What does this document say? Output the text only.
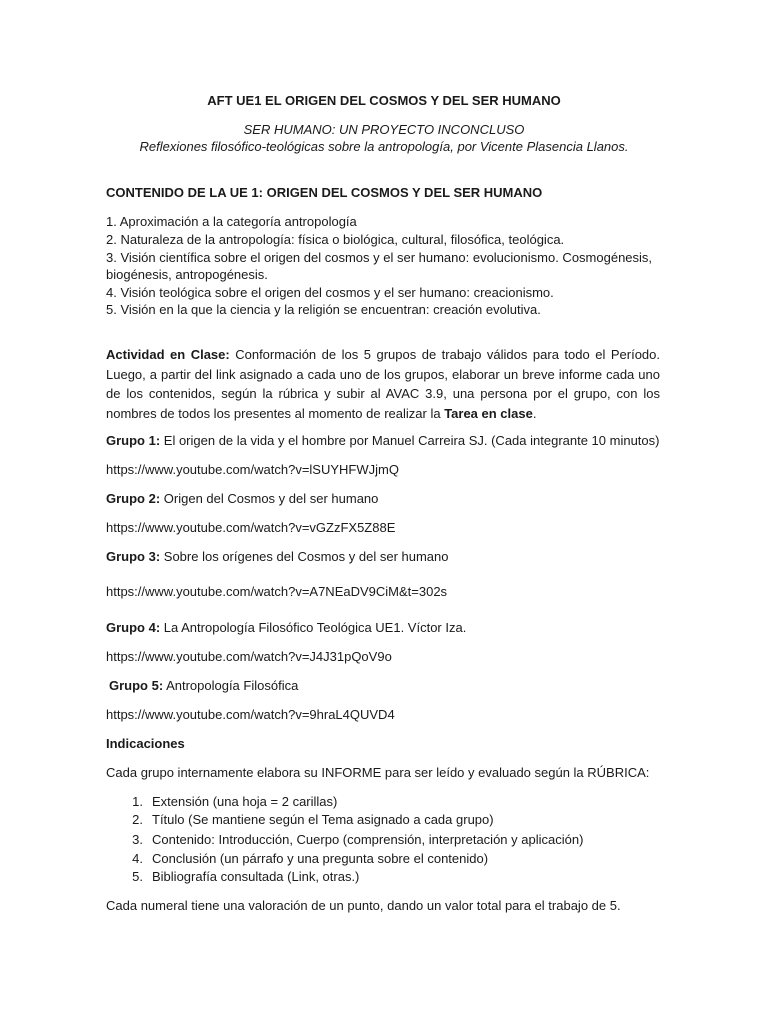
AFT UE1 EL ORIGEN DEL COSMOS Y DEL SER HUMANO
SER HUMANO: UN PROYECTO INCONCLUSO
Reflexiones filosófico-teológicas sobre la antropología, por Vicente Plasencia Llanos.
CONTENIDO DE LA UE 1: ORIGEN DEL COSMOS Y DEL SER HUMANO
1. Aproximación a la categoría antropología
2. Naturaleza de la antropología: física o biológica, cultural, filosófica, teológica.
3. Visión científica sobre el origen del cosmos y el ser humano: evolucionismo. Cosmogénesis,
biogénesis, antropogénesis.
4. Visión teológica sobre el origen del cosmos y el ser humano: creacionismo.
5. Visión en la que la ciencia y la religión se encuentran: creación evolutiva.
Actividad en Clase: Conformación de los 5 grupos de trabajo válidos para todo el Período. Luego, a partir del link asignado a cada uno de los grupos, elaborar un breve informe cada uno de los contenidos, según la rúbrica y subir al AVAC 3.9, una persona por el grupo, con los nombres de todos los presentes al momento de realizar la Tarea en clase.
Grupo 1: El origen de la vida y el hombre por Manuel Carreira SJ. (Cada integrante 10 minutos)
https://www.youtube.com/watch?v=lSUYHFWJjmQ
Grupo 2: Origen del Cosmos y del ser humano
https://www.youtube.com/watch?v=vGZzFX5Z88E
Grupo 3: Sobre los orígenes del Cosmos y del ser humano
https://www.youtube.com/watch?v=A7NEaDV9CiM&t=302s
Grupo 4: La Antropología Filosófico Teológica UE1. Víctor Iza.
https://www.youtube.com/watch?v=J4J31pQoV9o
Grupo 5: Antropología Filosófica
https://www.youtube.com/watch?v=9hraL4QUVD4
Indicaciones
Cada grupo internamente elabora su INFORME para ser leído y evaluado según la RÚBRICA:
1. Extensión (una hoja = 2 carillas)
2. Título (Se mantiene según el Tema asignado a cada grupo)
3. Contenido: Introducción, Cuerpo (comprensión, interpretación y aplicación)
4. Conclusión (un párrafo y una pregunta sobre el contenido)
5. Bibliografía consultada (Link, otras.)
Cada numeral tiene una valoración de un punto, dando un valor total para el trabajo de 5.
